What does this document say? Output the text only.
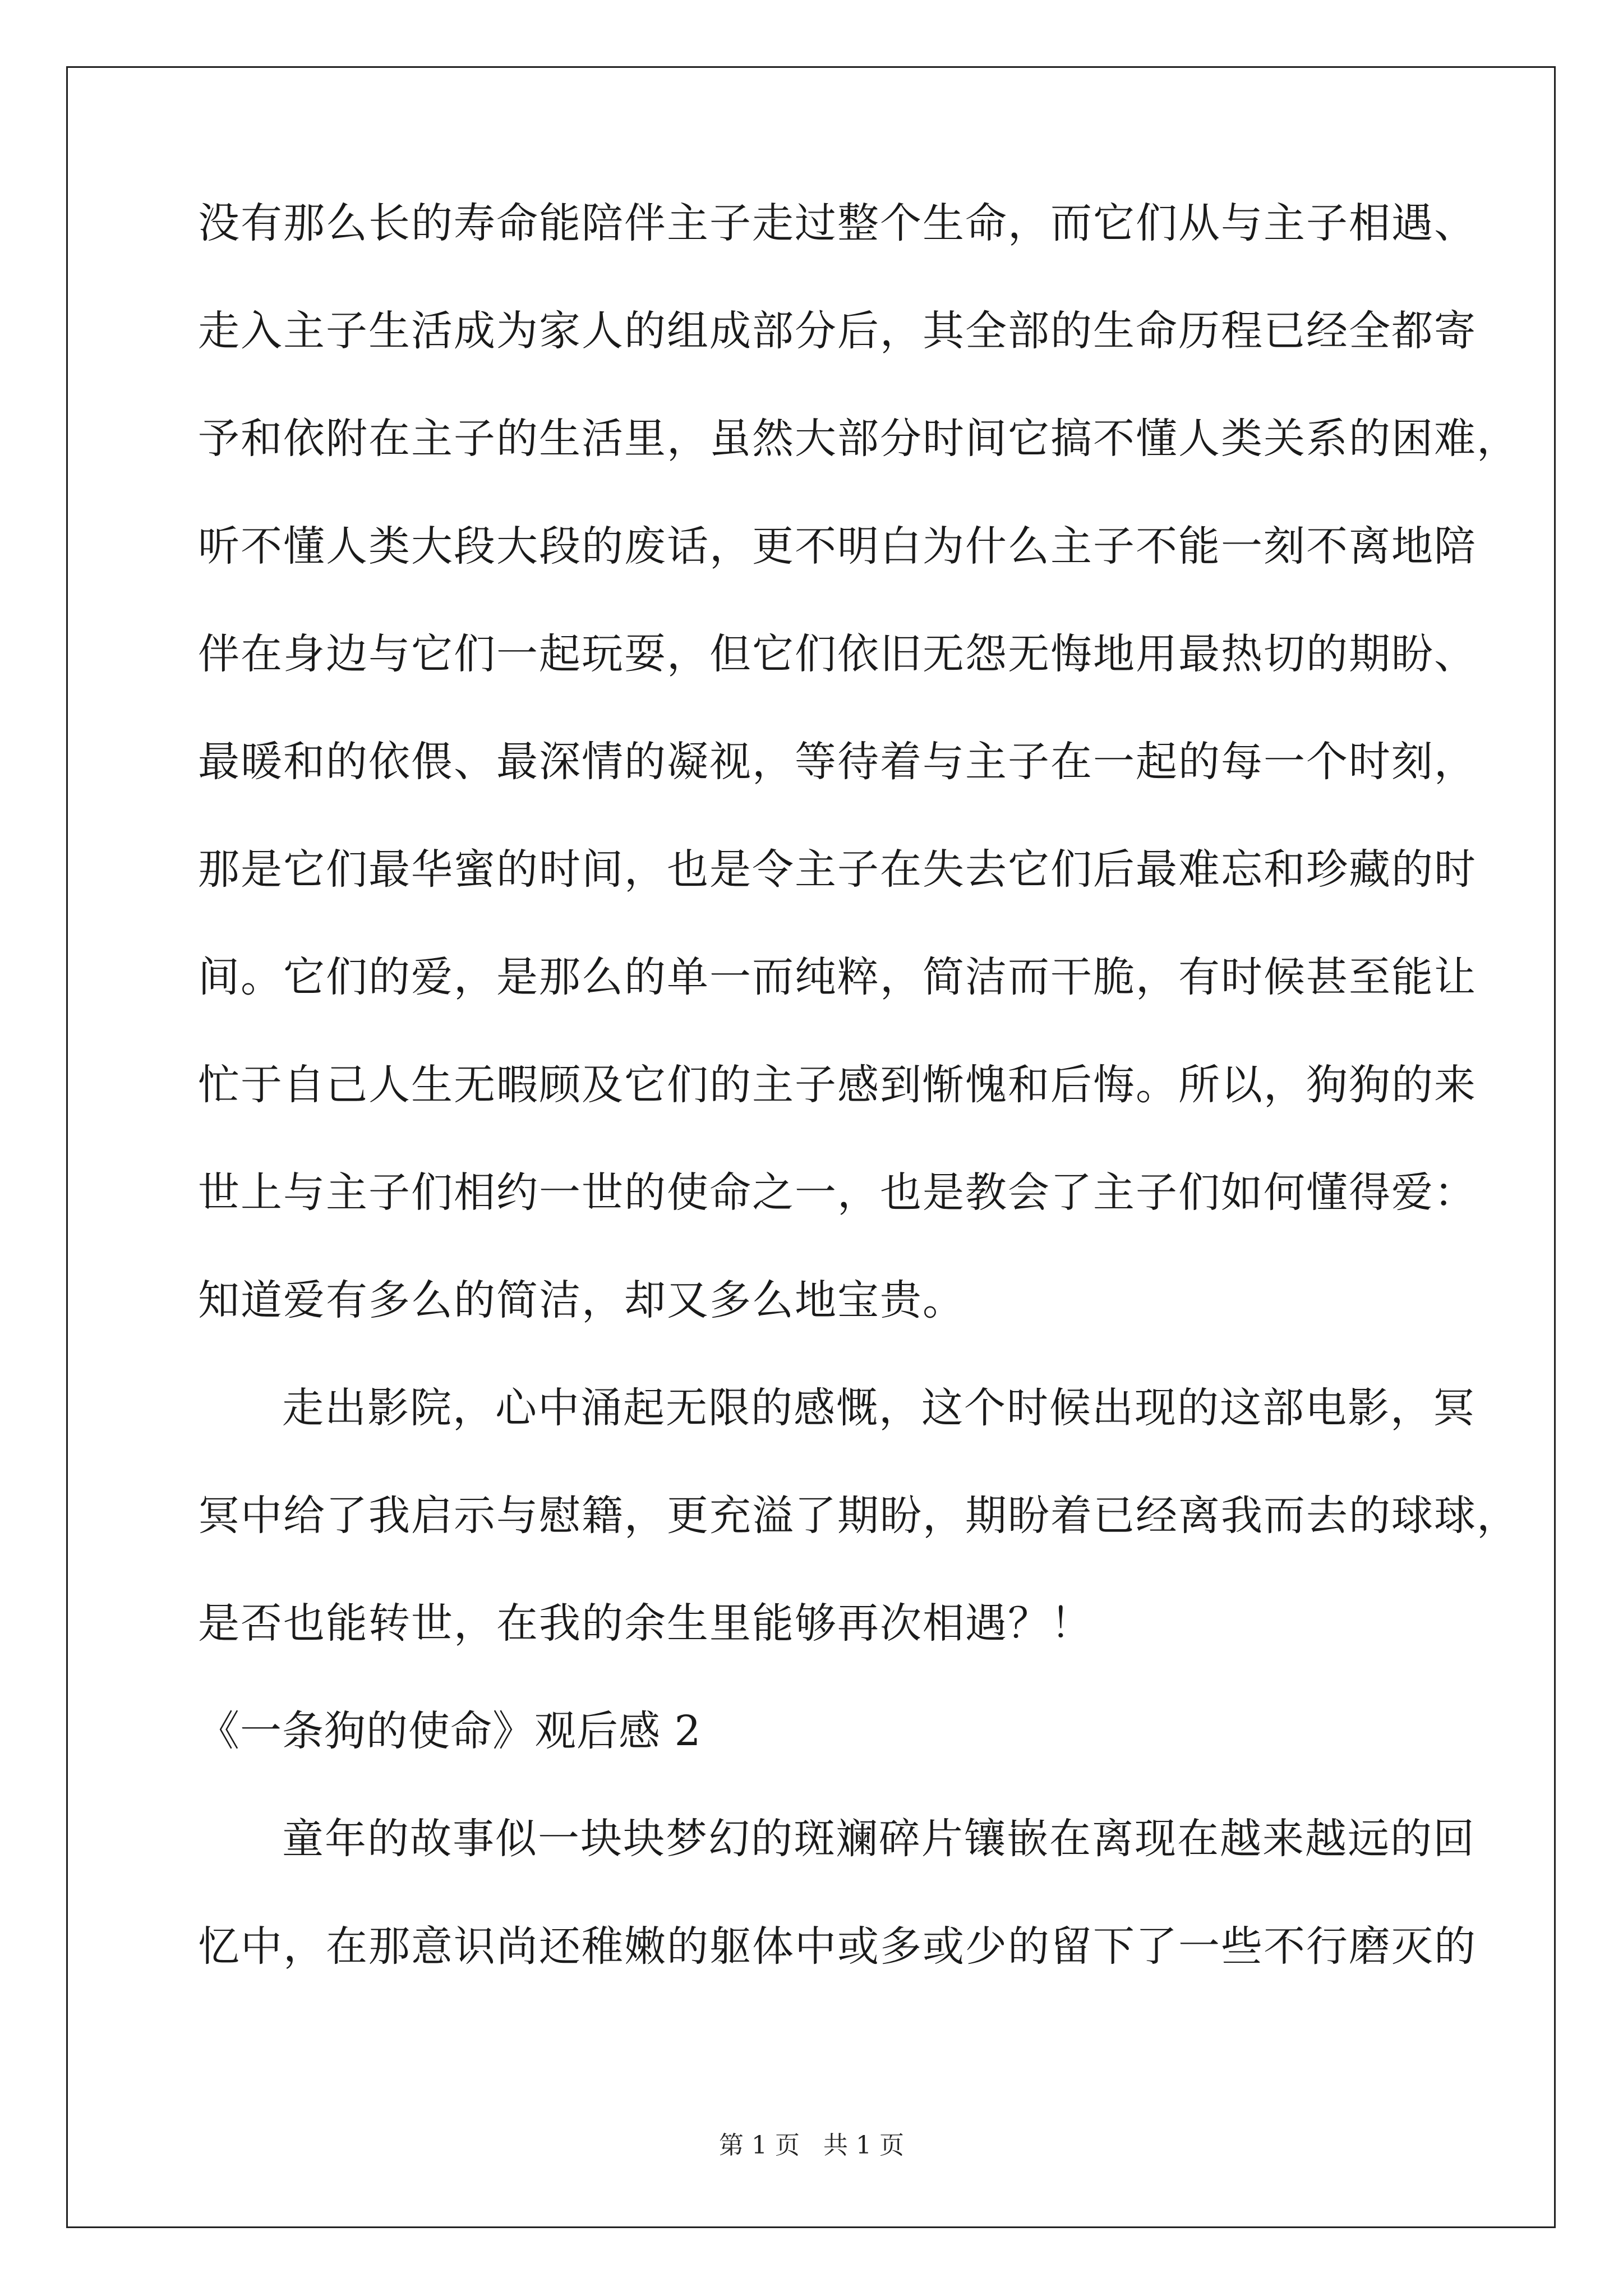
没有那么长的寿命能陪伴主子走过整个生命，而它们从与主子相遇、
走入主子生活成为家人的组成部分后，其全部的生命历程已经全都寄
予和依附在主子的生活里，虽然大部分时间它搞不懂人类关系的困难，
听不懂人类大段大段的废话，更不明白为什么主子不能一刻不离地陪
伴在身边与它们一起玩耍，但它们依旧无怨无悔地用最热切的期盼、
最暖和的依偎、最深情的凝视，等待着与主子在一起的每一个时刻，
那是它们最华蜜的时间，也是令主子在失去它们后最难忘和珍藏的时
间。它们的爱，是那么的单一而纯粹，简洁而干脆，有时候甚至能让
忙于自己人生无暇顾及它们的主子感到惭愧和后悔。所以，狗狗的来
世上与主子们相约一世的使命之一，也是教会了主子们如何懂得爱：
知道爱有多么的简洁，却又多么地宝贵。
走出影院，心中涌起无限的感慨，这个时候出现的这部电影，冥
冥中给了我启示与慰籍，更充溢了期盼，期盼着已经离我而去的球球，
是否也能转世，在我的余生里能够再次相遇？！
《一条狗的使命》观后感 2
童年的故事似一块块梦幻的斑斓碎片镶嵌在离现在越来越远的回
忆中，在那意识尚还稚嫩的躯体中或多或少的留下了一些不行磨灭的
第 1 页   共 1 页
